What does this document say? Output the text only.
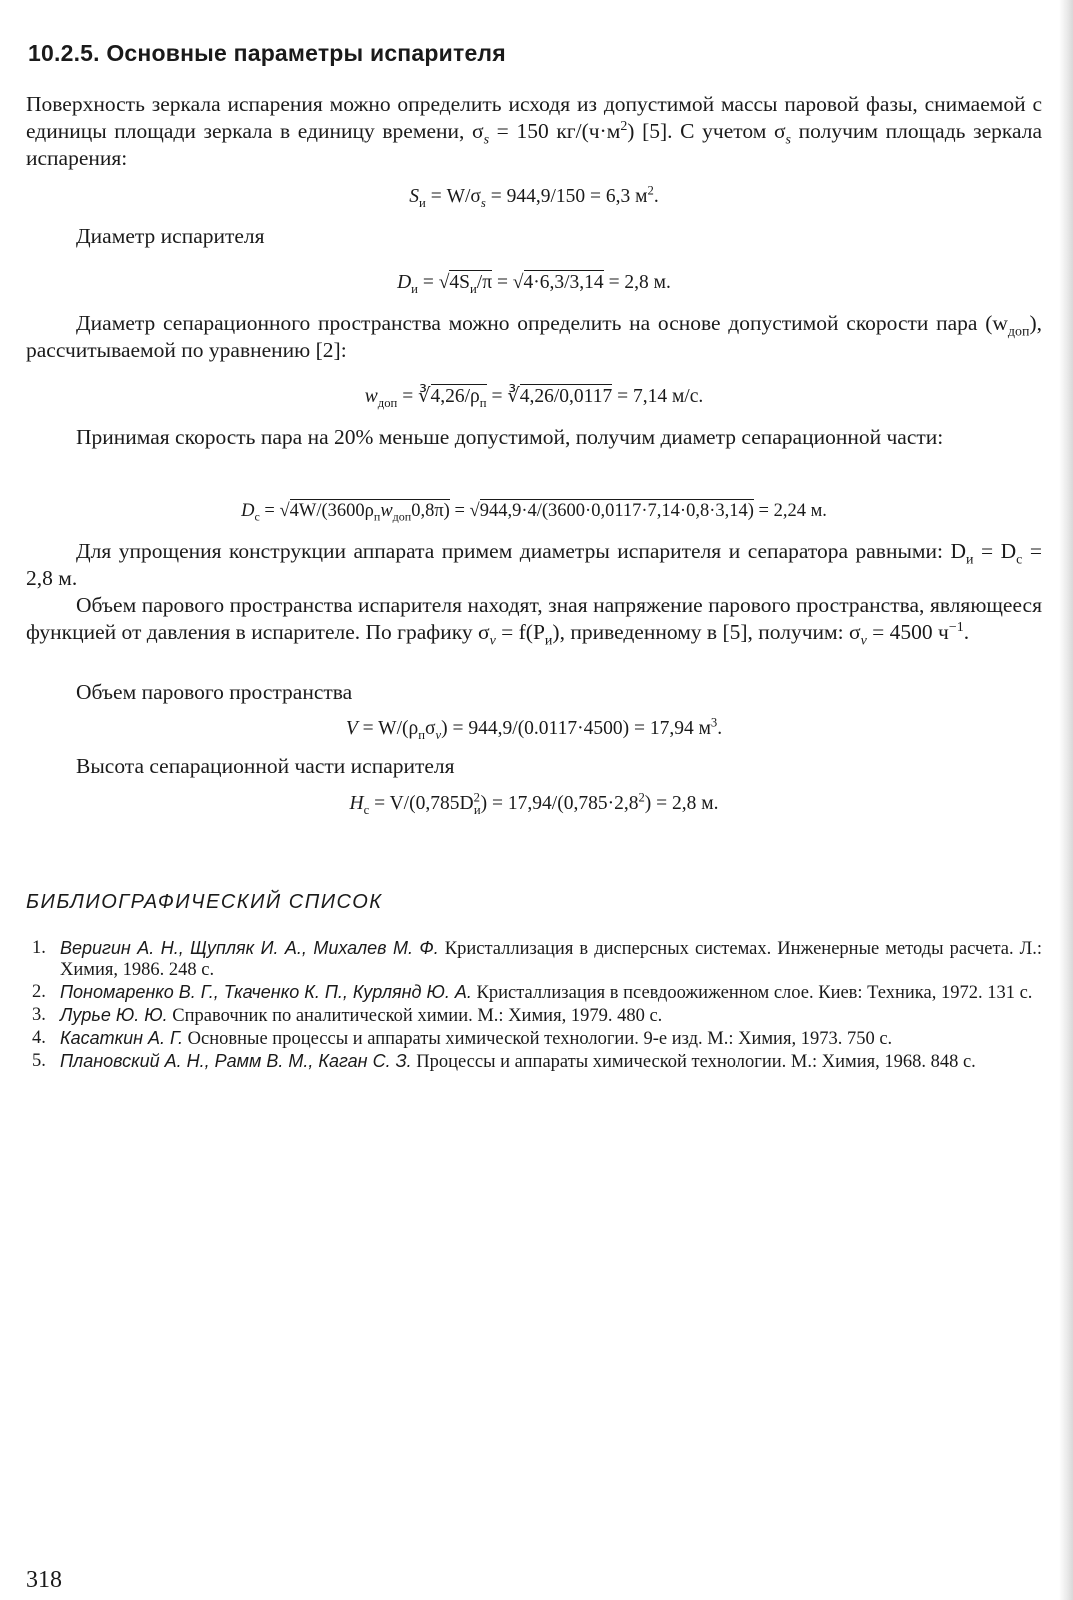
10.2.5. Основные параметры испарителя
Поверхность зеркала испарения можно определить исходя из допустимой массы паровой фазы, снимаемой с единицы площади зеркала в единицу времени, $\sigma_s = 150$ $кг/(ч\cdot м^2)$ [5]. С учетом $\sigma_s$ получим площадь зеркала испарения:
$S_и = W/\sigma_s = 944,9/150 = 6,3$ $м^2$.
Диаметр испарителя
$D_и = √4S_и/\pi = √4\cdot 6,3/3,14 = 2,8$ м.
Диаметр сепарационного пространства можно определить на основе допустимой скорости пара $(w_{доп})$, рассчитываемой по уравнению [2]:
$w_{доп}$ = $∛4,26/\rho_п$ = ∛4,26/0,0117 = 7,14 м/с.
Принимая скорость пара на 20% меньше допустимой, получим диаметр сепарационной части:
$D_c = √4W/(3600\rho_пw_{доп}0,8\pi) = √944,9\cdot 4/(3600\cdot 0,0117\cdot 7,14\cdot 0,8\cdot 3,14) = 2,24$ м.
Для упрощения конструкции аппарата примем диаметры испарителя и сепаратора равными: $D_и = D_с = 2,8$ м.
Объем парового пространства испарителя находят, зная напряжение парового пространства, являющееся функцией от давления в испарителе. По графику $\sigma_v = f(P_и)$, приведенному в [5], получим: $\sigma_v = 4500$ $ч^{-1}$.
Объем парового пространства
$V = W/(\rho_п\sigma_v) = 944,9/(0.0117\cdot 4500) = 17,94$ $м^3$.
Высота сепарационной части испарителя
$H_c = V/(0,785D^2_и) = 17,94/(0,785\cdot 2,8^2) = 2,8$ м.
БИБЛИОГРАФИЧЕСКИЙ СПИСОК
1. Веригин А. Н., Щупляк И. А., Михалев М. Ф. Кристаллизация в дисперсных системах. Инженерные методы расчета. Л.: Химия, 1986. 248 с.
2. Пономаренко В. Г., Ткаченко К. П., Курлянд Ю. А. Кристаллизация в псевдоожиженном слое. Киев: Техника, 1972. 131 с.
3. Лурье Ю. Ю. Справочник по аналитической химии. М.: Химия, 1979. 480 с.
4. Касаткин А. Г. Основные процессы и аппараты химической технологии. 9-е изд. М.: Химия, 1973. 750 с.
5. Плановский А. Н., Рамм В. М., Каган С. З. Процессы и аппараты химической технологии. М.: Химия, 1968. 848 с.
318
